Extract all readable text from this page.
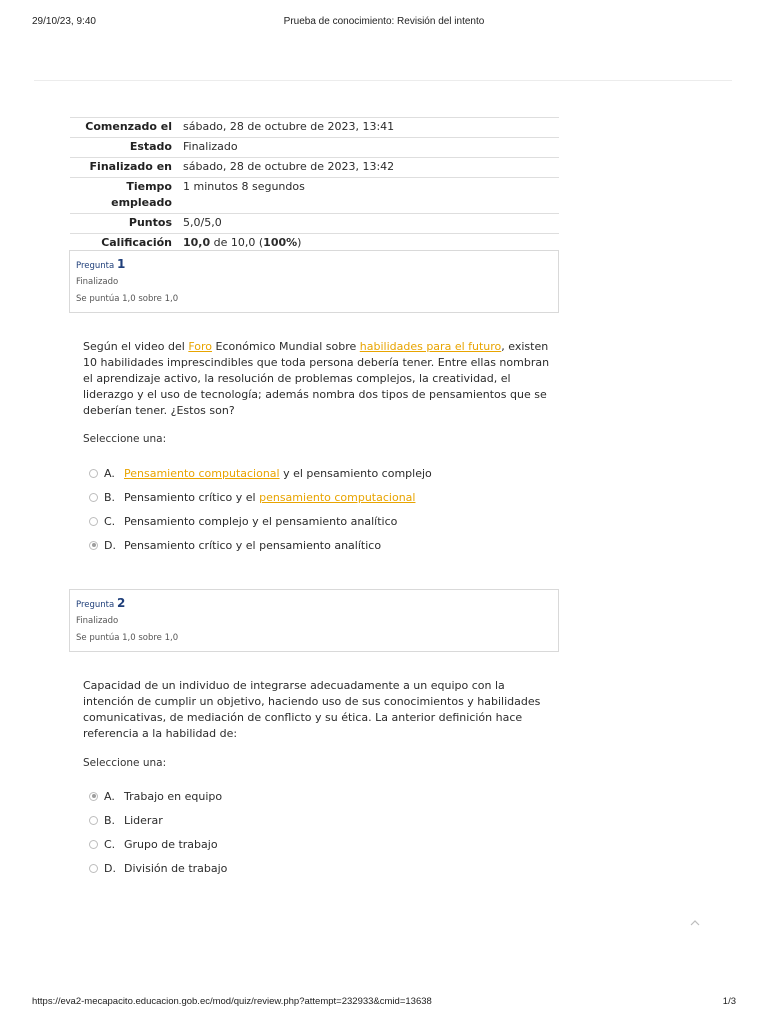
29/10/23, 9:40	Prueba de conocimiento: Revisión del intento
Comenzado el	sábado, 28 de octubre de 2023, 13:41
Estado	Finalizado
Finalizado en	sábado, 28 de octubre de 2023, 13:42
Tiempo empleado	1 minutos 8 segundos
Puntos	5,0/5,0
Calificación	10,0 de 10,0 (100%)
Pregunta 1
Finalizado
Se puntúa 1,0 sobre 1,0
Según el video del Foro Económico Mundial sobre habilidades para el futuro, existen 10 habilidades imprescindibles que toda persona debería tener. Entre ellas nombran el aprendizaje activo, la resolución de problemas complejos, la creatividad, el liderazgo y el uso de tecnología; además nombra dos tipos de pensamientos que se deberían tener. ¿Estos son?
Seleccione una:
A. Pensamiento computacional y el pensamiento complejo
B. Pensamiento crítico y el pensamiento computacional
C. Pensamiento complejo y el pensamiento analítico
D. Pensamiento crítico y el pensamiento analítico
Pregunta 2
Finalizado
Se puntúa 1,0 sobre 1,0
Capacidad de un individuo de integrarse adecuadamente a un equipo con la intención de cumplir un objetivo, haciendo uso de sus conocimientos y habilidades comunicativas, de mediación de conflicto y su ética. La anterior definición hace referencia a la habilidad de:
Seleccione una:
A. Trabajo en equipo
B. Liderar
C. Grupo de trabajo
D. División de trabajo
https://eva2-mecapacito.educacion.gob.ec/mod/quiz/review.php?attempt=232933&cmid=13638	1/3
